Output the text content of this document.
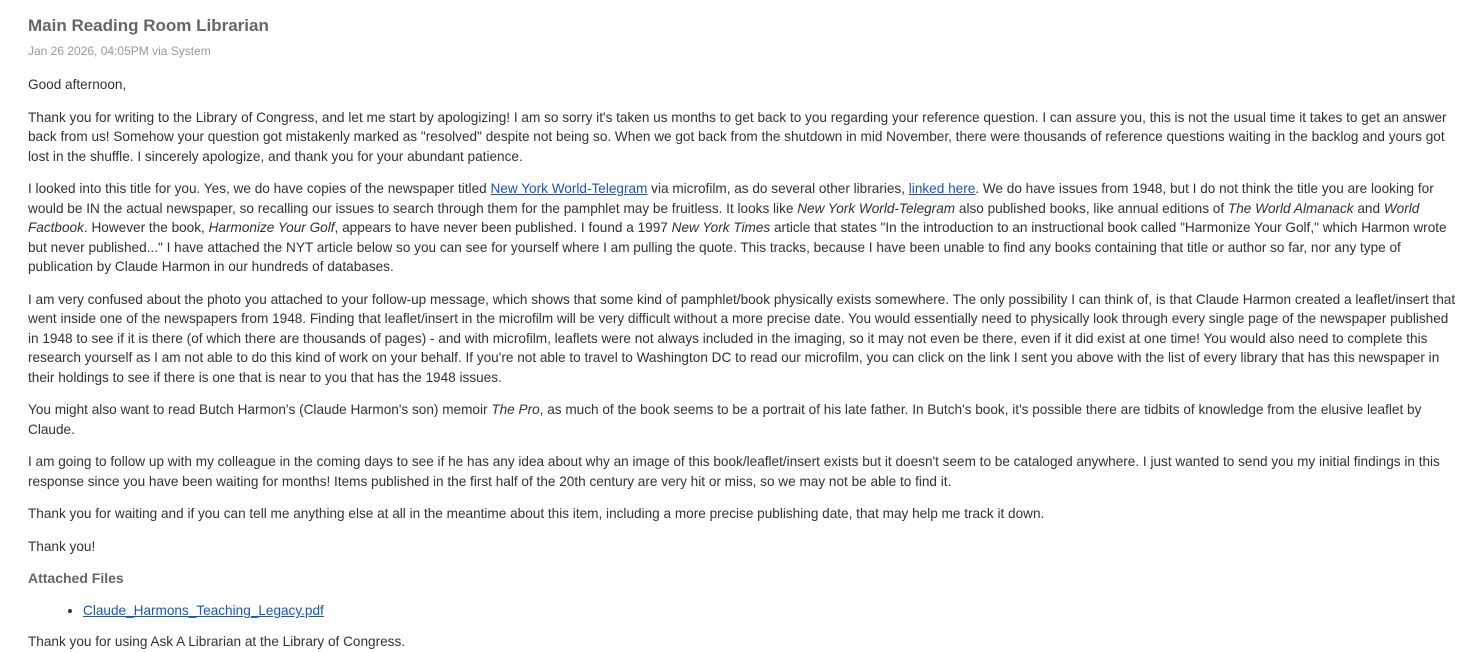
Main Reading Room Librarian
Jan 26 2026, 04:05PM via System

Good afternoon,

Thank you for writing to the Library of Congress, and let me start by apologizing! I am so sorry it's taken us months to get back to you regarding your reference question. I can assure you, this is not the usual time it takes to get an answer back from us! Somehow your question got mistakenly marked as "resolved" despite not being so. When we got back from the shutdown in mid November, there were thousands of reference questions waiting in the backlog and yours got lost in the shuffle. I sincerely apologize, and thank you for your abundant patience.

I looked into this title for you. Yes, we do have copies of the newspaper titled New York World-Telegram via microfilm, as do several other libraries, linked here. We do have issues from 1948, but I do not think the title you are looking for would be IN the actual newspaper, so recalling our issues to search through them for the pamphlet may be fruitless. It looks like New York World-Telegram also published books, like annual editions of The World Almanack and World Factbook. However the book, Harmonize Your Golf, appears to have never been published. I found a 1997 New York Times article that states "In the introduction to an instructional book called "Harmonize Your Golf," which Harmon wrote but never published..." I have attached the NYT article below so you can see for yourself where I am pulling the quote. This tracks, because I have been unable to find any books containing that title or author so far, nor any type of publication by Claude Harmon in our hundreds of databases.

I am very confused about the photo you attached to your follow-up message, which shows that some kind of pamphlet/book physically exists somewhere. The only possibility I can think of, is that Claude Harmon created a leaflet/insert that went inside one of the newspapers from 1948. Finding that leaflet/insert in the microfilm will be very difficult without a more precise date. You would essentially need to physically look through every single page of the newspaper published in 1948 to see if it is there (of which there are thousands of pages) - and with microfilm, leaflets were not always included in the imaging, so it may not even be there, even if it did exist at one time! You would also need to complete this research yourself as I am not able to do this kind of work on your behalf. If you're not able to travel to Washington DC to read our microfilm, you can click on the link I sent you above with the list of every library that has this newspaper in their holdings to see if there is one that is near to you that has the 1948 issues.

You might also want to read Butch Harmon's (Claude Harmon's son) memoir The Pro, as much of the book seems to be a portrait of his late father. In Butch's book, it's possible there are tidbits of knowledge from the elusive leaflet by Claude.

I am going to follow up with my colleague in the coming days to see if he has any idea about why an image of this book/leaflet/insert exists but it doesn't seem to be cataloged anywhere. I just wanted to send you my initial findings in this response since you have been waiting for months! Items published in the first half of the 20th century are very hit or miss, so we may not be able to find it.

Thank you for waiting and if you can tell me anything else at all in the meantime about this item, including a more precise publishing date, that may help me track it down.

Thank you!

Attached Files
• Claude_Harmons_Teaching_Legacy.pdf
Thank you for using Ask A Librarian at the Library of Congress.
